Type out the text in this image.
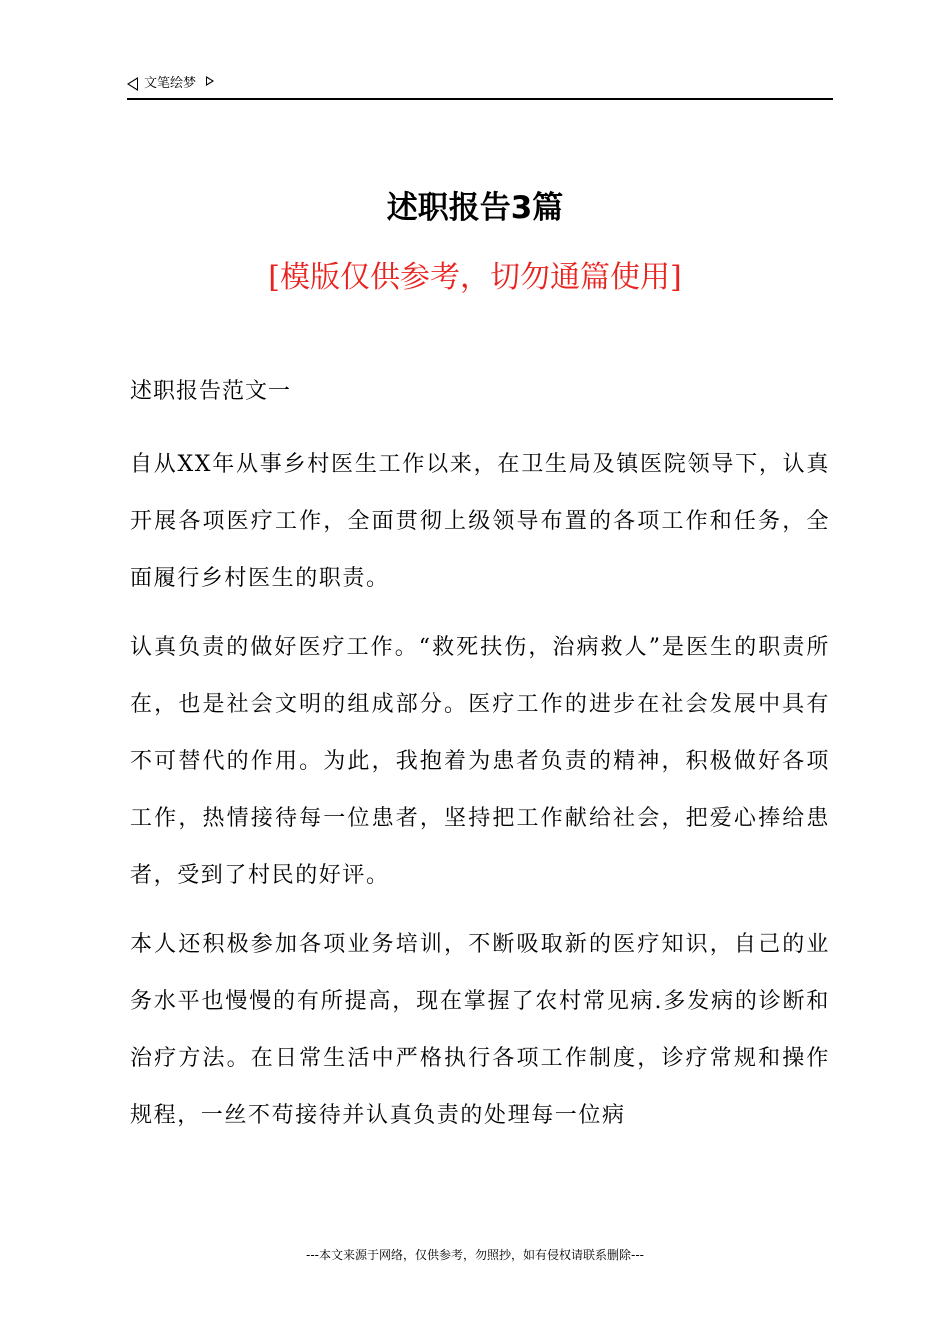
文笔绘梦
述职报告3篇
[模版仅供参考，切勿通篇使用]
述职报告范文一

自从XX年从事乡村医生工作以来，在卫生局及镇医院领导下，认真开展各项医疗工作，全面贯彻上级领导布置的各项工作和任务，全面履行乡村医生的职责。

认真负责的做好医疗工作。“救死扶伤，治病救人”是医生的职责所在，也是社会文明的组成部分。医疗工作的进步在社会发展中具有不可替代的作用。为此，我抱着为患者负责的精神，积极做好各项工作，热情接待每一位患者，坚持把工作献给社会，把爱心捧给患者，受到了村民的好评。

本人还积极参加各项业务培训，不断吸取新的医疗知识，自己的业务水平也慢慢的有所提高，现在掌握了农村常见病.多发病的诊断和治疗方法。在日常生活中严格执行各项工作制度，诊疗常规和操作规程，一丝不苟接待并认真负责的处理每一位病

---本文来源于网络，仅供参考，勿照抄，如有侵权请联系删除---
